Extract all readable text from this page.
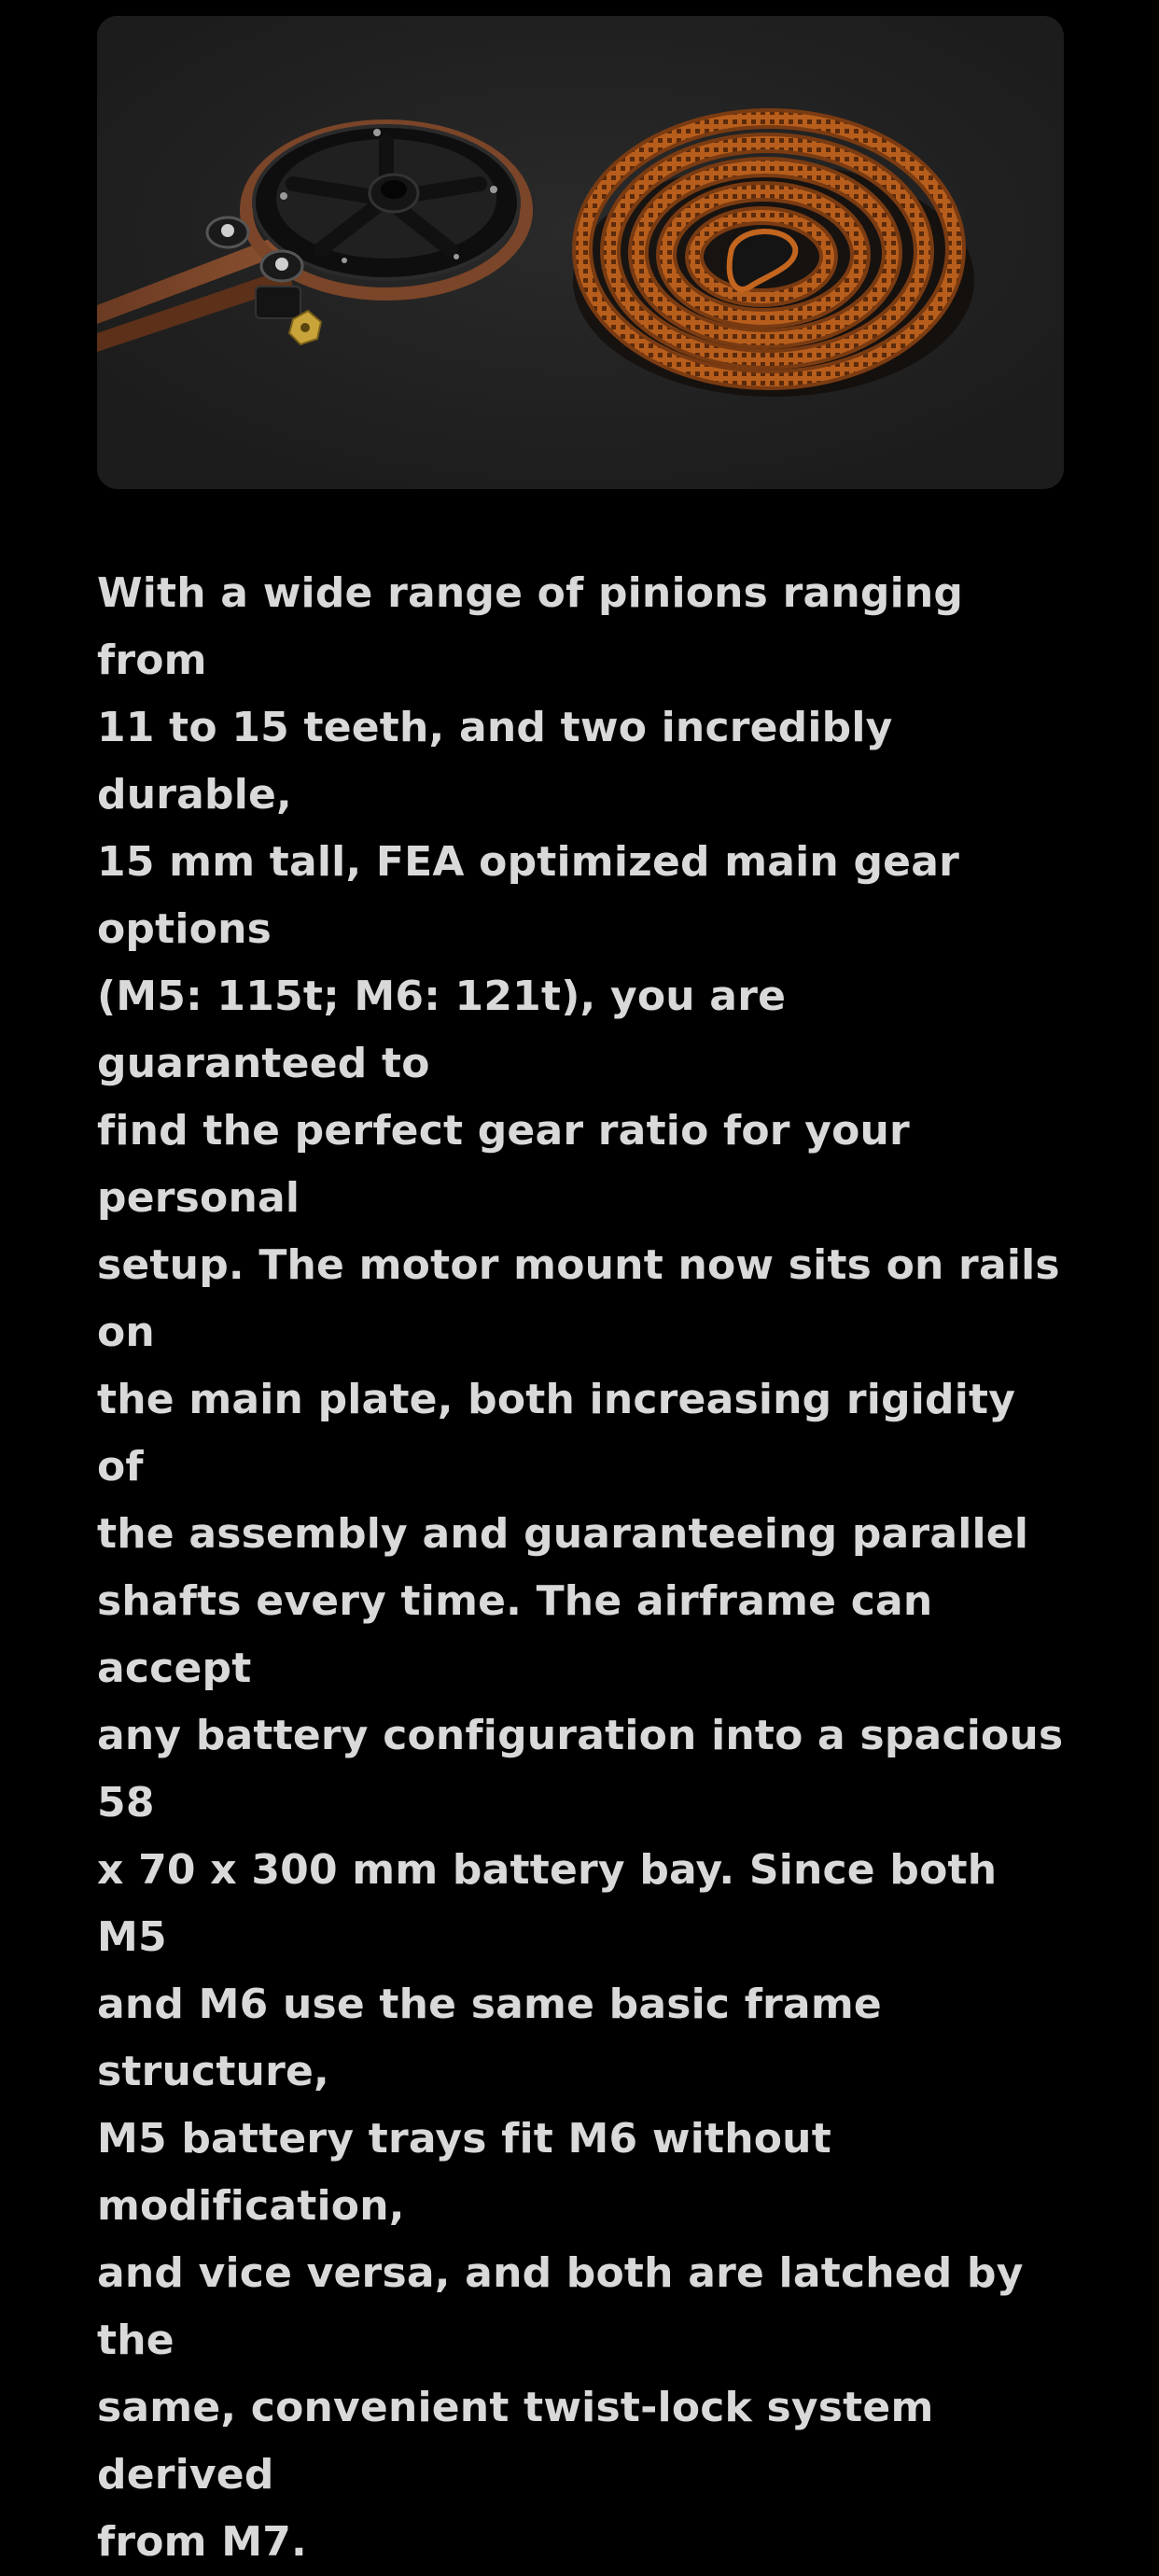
With a wide range of pinions ranging from
11 to 15 teeth, and two incredibly durable,
15 mm tall, FEA optimized main gear options
(M5: 115t; M6: 121t), you are guaranteed to
find the perfect gear ratio for your personal
setup. The motor mount now sits on rails on
the main plate, both increasing rigidity of
the assembly and guaranteeing parallel
shafts every time. The airframe can accept
any battery configuration into a spacious 58
x 70 x 300 mm battery bay. Since both M5
and M6 use the same basic frame structure,
M5 battery trays fit M6 without modification,
and vice versa, and both are latched by the
same, convenient twist-lock system derived
from M7.
